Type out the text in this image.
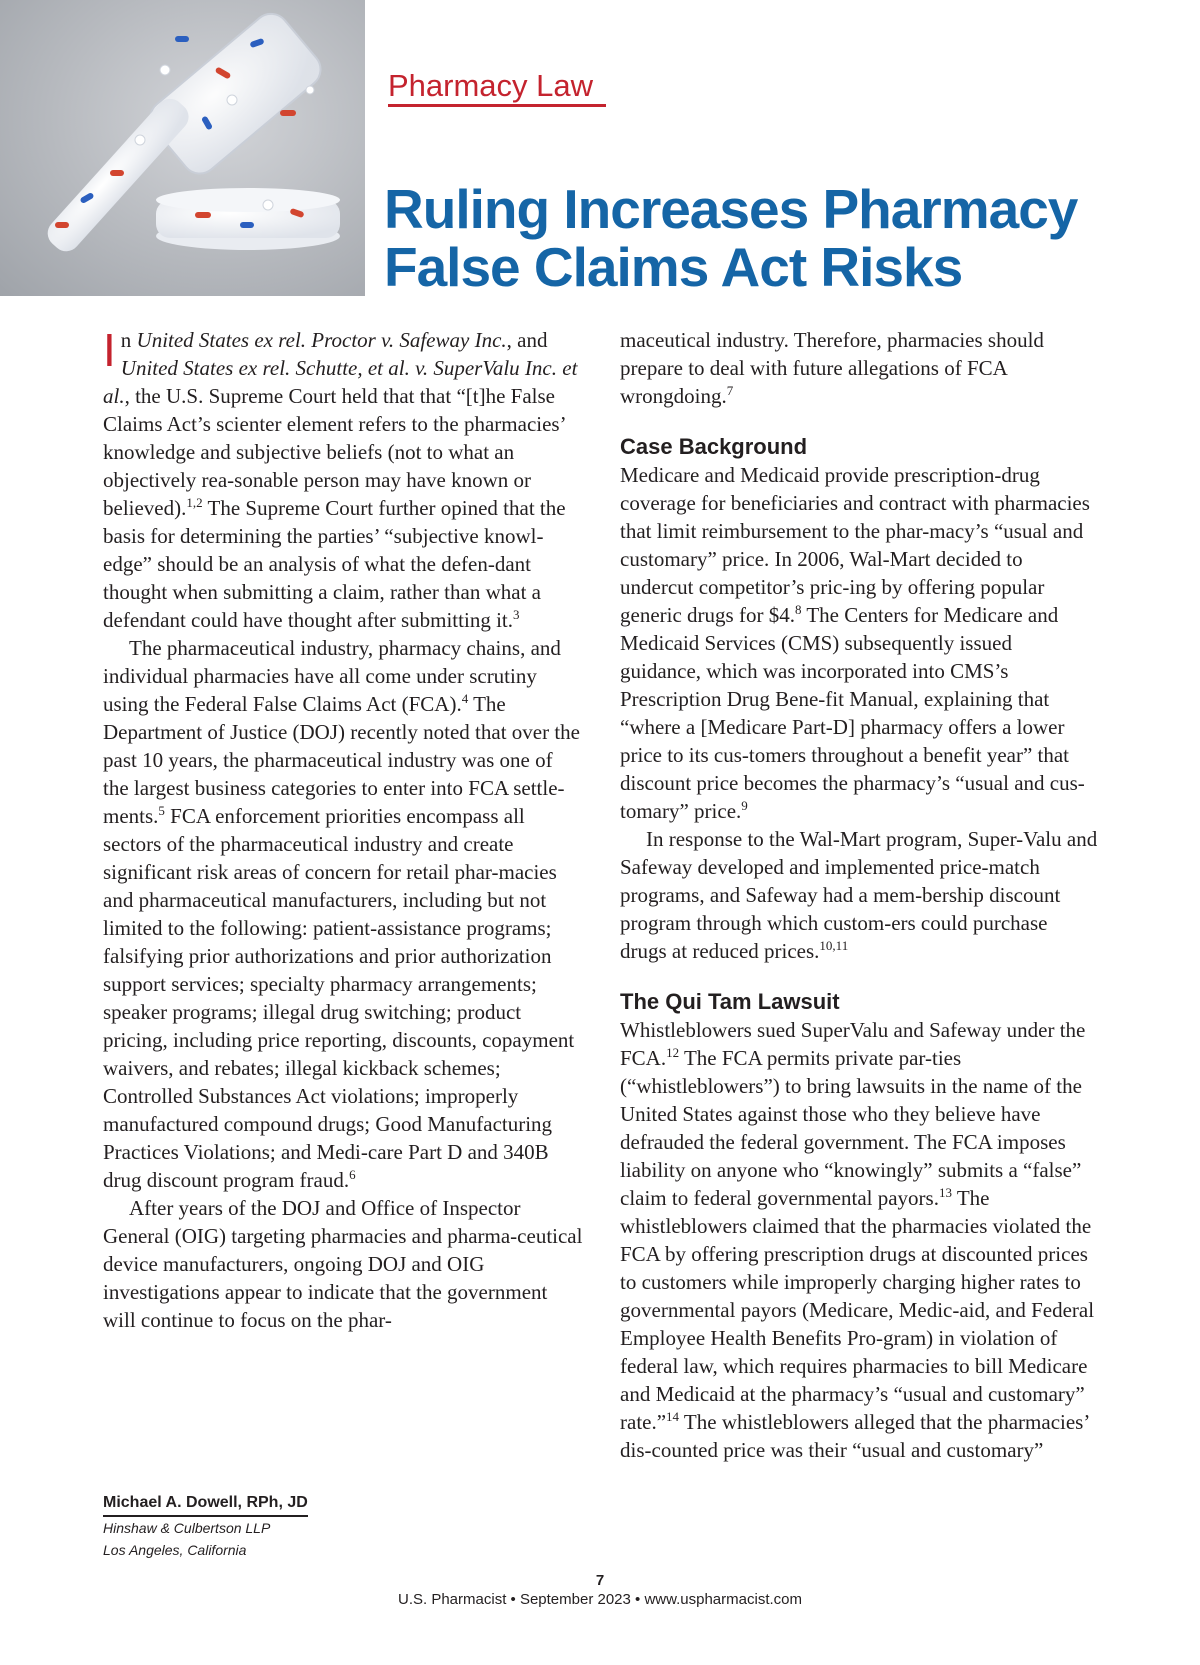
Pharmacy Law
Ruling Increases Pharmacy
False Claims Act Risks

In United States ex rel. Proctor v. Safeway Inc., and United States ex rel. Schutte, et al. v. SuperValu Inc. et al., the U.S. Supreme Court held that that “[t]he False Claims Act’s scienter element refers to the pharmacies’ knowledge and subjective beliefs (not to what an objectively rea-sonable person may have known or believed).$^{1,2}$ The Supreme Court further opined that the basis for determining the parties’ “subjective knowl-edge” should be an analysis of what the defen-dant thought when submitting a claim, rather than what a defendant could have thought after submitting it.$^3$

The pharmaceutical industry, pharmacy chains, and individual pharmacies have all come under scrutiny using the Federal False Claims Act (FCA).$^4$ The Department of Justice (DOJ) recently noted that over the past 10 years, the pharmaceutical industry was one of the largest business categories to enter into FCA settle-ments.$^5$ FCA enforcement priorities encompass all sectors of the pharmaceutical industry and create significant risk areas of concern for retail phar-macies and pharmaceutical manufacturers, including but not limited to the following: patient-assistance programs; falsifying prior authorizations and prior authorization support services; specialty pharmacy arrangements; speaker programs; illegal drug switching; product pricing, including price reporting, discounts, copayment waivers, and rebates; illegal kickback schemes; Controlled Substances Act violations; improperly manufactured compound drugs; Good Manufacturing Practices Violations; and Medi-care Part D and 340B drug discount program fraud.$^6$

After years of the DOJ and Office of Inspector General (OIG) targeting pharmacies and pharma-ceutical device manufacturers, ongoing DOJ and OIG investigations appear to indicate that the government will continue to focus on the phar-

maceutical industry. Therefore, pharmacies should prepare to deal with future allegations of FCA wrongdoing.$^7$

Case Background

Medicare and Medicaid provide prescription-drug coverage for beneficiaries and contract with pharmacies that limit reimbursement to the phar-macy’s “usual and customary” price. In 2006, Wal-Mart decided to undercut competitor’s pric-ing by offering popular generic drugs for $4.$^8$ The Centers for Medicare and Medicaid Services (CMS) subsequently issued guidance, which was incorporated into CMS’s Prescription Drug Bene-fit Manual, explaining that “where a [Medicare Part-D] pharmacy offers a lower price to its cus-tomers throughout a benefit year” that discount price becomes the pharmacy’s “usual and cus-tomary” price.$^9$

In response to the Wal-Mart program, Super-Valu and Safeway developed and implemented price-match programs, and Safeway had a mem-bership discount program through which custom-ers could purchase drugs at reduced prices.$^{10,11}$

The Qui Tam Lawsuit

Whistleblowers sued SuperValu and Safeway under the FCA.$^{12}$ The FCA permits private par-ties (“whistleblowers”) to bring lawsuits in the name of the United States against those who they believe have defrauded the federal government. The FCA imposes liability on anyone who “knowingly” submits a “false” claim to federal governmental payors.$^{13}$ The whistleblowers claimed that the pharmacies violated the FCA by offering prescription drugs at discounted prices to customers while improperly charging higher rates to governmental payors (Medicare, Medic-aid, and Federal Employee Health Benefits Pro-gram) in violation of federal law, which requires pharmacies to bill Medicare and Medicaid at the pharmacy’s “usual and customary” rate.”$^{14}$ The whistleblowers alleged that the pharmacies’ dis-counted price was their “usual and customary”

Michael A. Dowell, RPh, JD
Hinshaw & Culbertson LLP
Los Angeles, California
7
U.S. Pharmacist • September 2023 • www.uspharmacist.com
